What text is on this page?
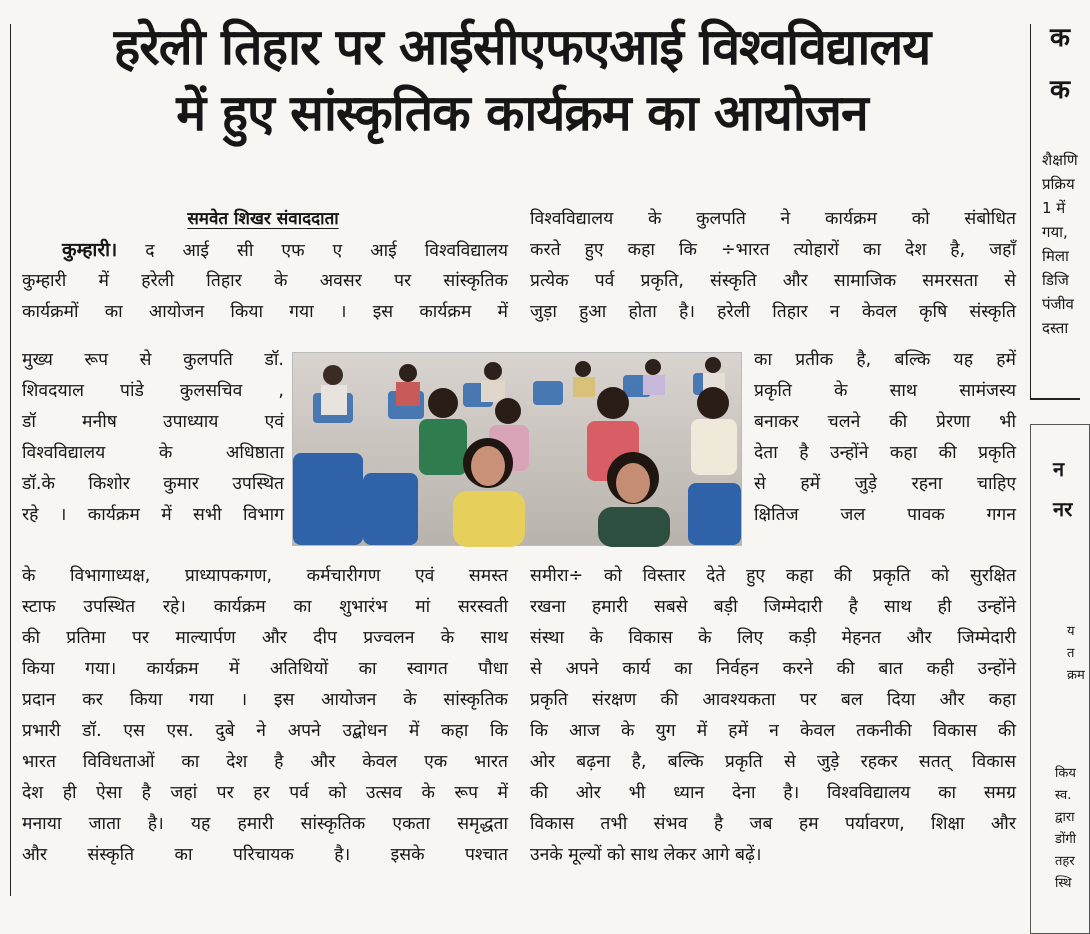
हरेली तिहार पर आईसीएफएआई विश्वविद्यालय
में हुए सांस्कृतिक कार्यक्रम का आयोजन
समवेत शिखर संवाददाता
कुम्हारी। द आई सी एफ ए आई विश्वविद्यालय
कुम्हारी में हरेली तिहार के अवसर पर सांस्कृतिक
कार्यक्रमों का आयोजन किया गया । इस कार्यक्रम में
मुख्य रूप से कुलपति डॉ.
शिवदयाल पांडे कुलसचिव ,
डॉ मनीष उपाध्याय एवं
विश्वविद्यालय के अधिष्ठाता
डॉ.के किशोर कुमार उपस्थित
रहे । कार्यक्रम में सभी विभाग
के विभागाध्यक्ष, प्राध्यापकगण, कर्मचारीगण एवं समस्त
स्टाफ उपस्थित रहे। कार्यक्रम का शुभारंभ मां सरस्वती
की प्रतिमा पर माल्यार्पण और दीप प्रज्वलन के साथ
किया गया। कार्यक्रम में अतिथियों का स्वागत पौधा
प्रदान कर किया गया । इस आयोजन के सांस्कृतिक
प्रभारी डॉ. एस एस. दुबे ने अपने उद्बोधन में कहा कि
भारत विविधताओं का देश है और केवल एक भारत
देश ही ऐसा है जहां पर हर पर्व को उत्सव के रूप में
मनाया जाता है। यह हमारी सांस्कृतिक एकता समृद्धता
और संस्कृति का परिचायक है। इसके पश्चात
विश्वविद्यालय के कुलपति ने कार्यक्रम को संबोधित
करते हुए कहा कि ÷भारत त्योहारों का देश है, जहाँ
प्रत्येक पर्व प्रकृति, संस्कृति और सामाजिक समरसता से
जुड़ा हुआ होता है। हरेली तिहार न केवल कृषि संस्कृति
का प्रतीक है, बल्कि यह हमें
प्रकृति के साथ सामंजस्य
बनाकर चलने की प्रेरणा भी
देता है उन्होंने कहा की प्रकृति
से हमें जुड़े रहना चाहिए
क्षितिज जल पावक गगन
समीरा÷ को विस्तार देते हुए कहा की प्रकृति को सुरक्षित
रखना हमारी सबसे बड़ी जिम्मेदारी है साथ ही उन्होंने
संस्था के विकास के लिए कड़ी मेहनत और जिम्मेदारी
से अपने कार्य का निर्वहन करने की बात कही उन्होंने
प्रकृति संरक्षण की आवश्यकता पर बल दिया और कहा
कि आज के युग में हमें न केवल तकनीकी विकास की
ओर बढ़ना है, बल्कि प्रकृति से जुड़े रहकर सतत् विकास
की ओर भी ध्यान देना है। विश्वविद्यालय का समग्र
विकास तभी संभव है जब हम पर्यावरण, शिक्षा और
उनके मूल्यों को साथ लेकर आगे बढ़ें।
क
क
शैक्षणि
प्रक्रिय
1 में
गया,
मिला
डिजि
पंजीव
दस्ता
न
नर
य
त
क्रम
किय
स्व.
द्वारा
डोंगी
तहर
स्थि
